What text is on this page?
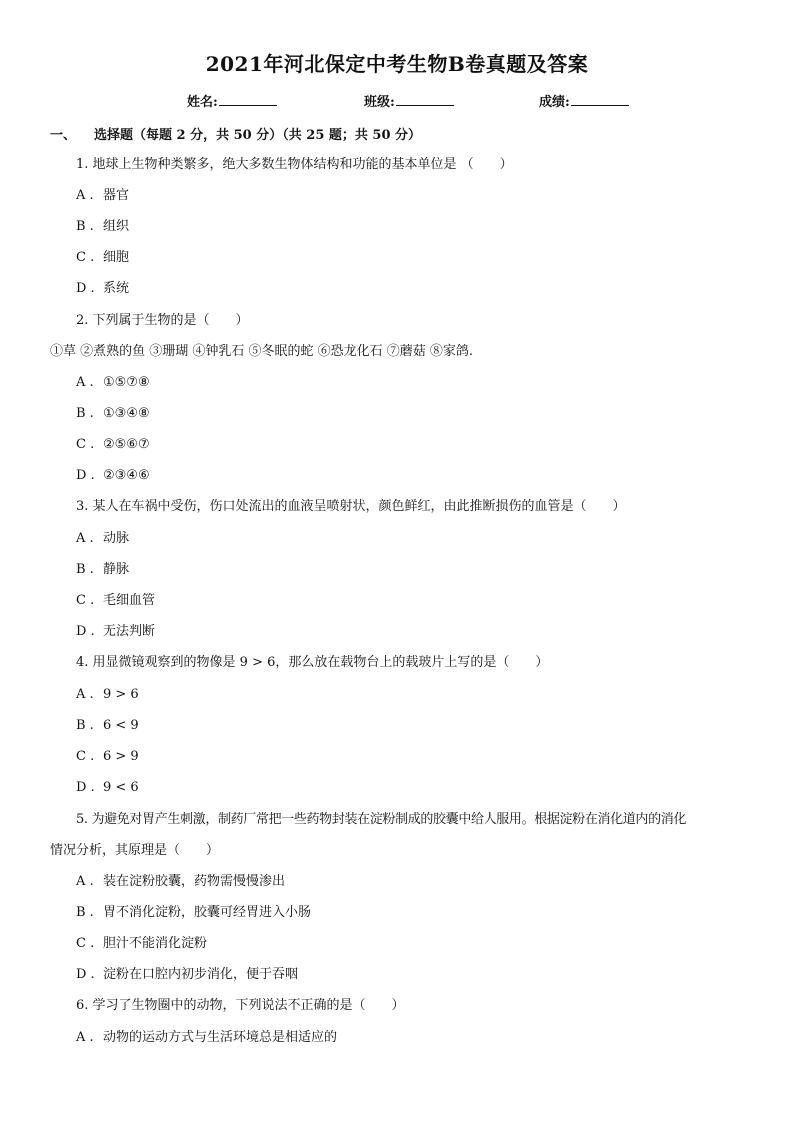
2021年河北保定中考生物B卷真题及答案
姓名:	班级:	成绩:
一、 选择题（每题 2 分，共 50 分）（共 25 题；共 50 分）
1. 地球上生物种类繁多，绝大多数生物体结构和功能的基本单位是 （　　）
A . 器官
B . 组织
C . 细胞
D . 系统
2. 下列属于生物的是（　　）
①草 ②煮熟的鱼 ③珊瑚 ④钟乳石 ⑤冬眠的蛇 ⑥恐龙化石 ⑦蘑菇 ⑧家鸽.
A . ①⑤⑦⑧
B . ①③④⑧
C . ②⑤⑥⑦
D . ②③④⑥
3. 某人在车祸中受伤，伤口处流出的血液呈喷射状，颜色鲜红，由此推断损伤的血管是（　　）
A . 动脉
B . 静脉
C . 毛细血管
D . 无法判断
4. 用显微镜观察到的物像是 9 > 6，那么放在载物台上的载玻片上写的是（　　）
A . 9 > 6
B . 6 < 9
C . 6 > 9
D . 9 < 6
5. 为避免对胃产生刺激，制药厂常把一些药物封装在淀粉制成的胶囊中给人服用。根据淀粉在消化道内的消化
情况分析，其原理是（　　）
A . 装在淀粉胶囊，药物需慢慢渗出
B . 胃不消化淀粉，胶囊可经胃进入小肠
C . 胆汁不能消化淀粉
D . 淀粉在口腔内初步消化，便于吞咽
6. 学习了生物圈中的动物，下列说法不正确的是（　　）
A . 动物的运动方式与生活环境总是相适应的
